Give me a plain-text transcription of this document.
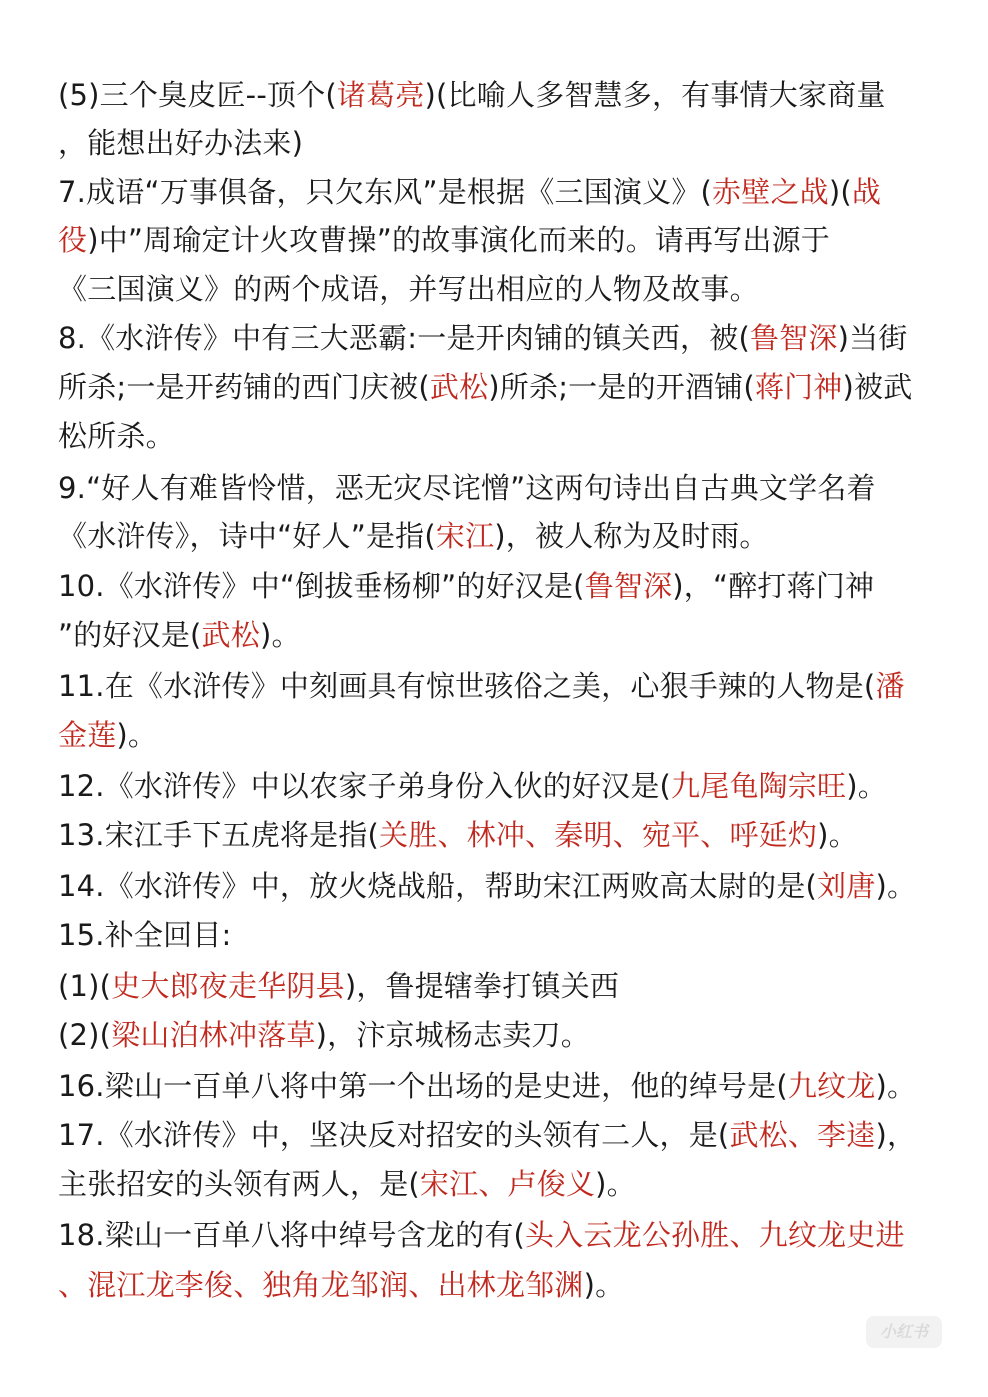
(5)三个臭皮匠--顶个(诸葛亮)(比喻人多智慧多，有事情大家商量
，能想出好办法来)
7.成语“万事俱备，只欠东风”是根据《三国演义》(赤壁之战)(战
役)中”周瑜定计火攻曹操”的故事演化而来的。请再写出源于
《三国演义》的两个成语，并写出相应的人物及故事。
8.《水浒传》中有三大恶霸:一是开肉铺的镇关西，被(鲁智深)当街
所杀;一是开药铺的西门庆被(武松)所杀;一是的开酒铺(蒋门神)被武
松所杀。
9.“好人有难皆怜惜，恶无灾尽诧憎”这两句诗出自古典文学名着
《水浒传》，诗中“好人”是指(宋江)，被人称为及时雨。
10.《水浒传》中“倒拔垂杨柳”的好汉是(鲁智深)，“醉打蒋门神
”的好汉是(武松)。
11.在《水浒传》中刻画具有惊世骇俗之美，心狠手辣的人物是(潘
金莲)。
12.《水浒传》中以农家子弟身份入伙的好汉是(九尾龟陶宗旺)。
13.宋江手下五虎将是指(关胜、林冲、秦明、宛平、呼延灼)。
14.《水浒传》中，放火烧战船，帮助宋江两败高太尉的是(刘唐)。
15.补全回目:
(1)(史大郎夜走华阴县)，鲁提辖拳打镇关西
(2)(梁山泊林冲落草)，汴京城杨志卖刀。
16.梁山一百单八将中第一个出场的是史进，他的绰号是(九纹龙)。
17.《水浒传》中，坚决反对招安的头领有二人，是(武松、李逵)，
主张招安的头领有两人，是(宋江、卢俊义)。
18.梁山一百单八将中绰号含龙的有(头入云龙公孙胜、九纹龙史进
、混江龙李俊、独角龙邹润、出林龙邹渊)。
小红书
